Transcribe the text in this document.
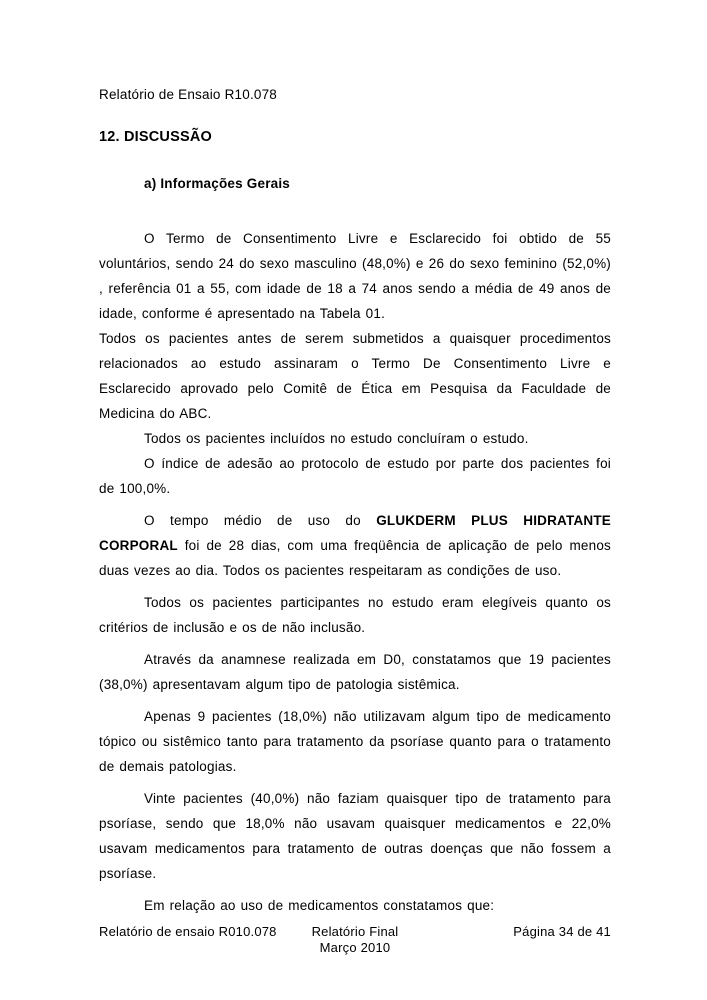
Relatório de Ensaio R10.078
12. DISCUSSÃO
a) Informações Gerais

O Termo de Consentimento Livre e Esclarecido foi obtido de 55 voluntários, sendo 24 do sexo masculino (48,0%) e 26 do sexo feminino (52,0%) , referência 01 a 55, com idade de 18 a 74 anos sendo a média de 49 anos de idade, conforme é apresentado na Tabela 01.

Todos os pacientes antes de serem submetidos a quaisquer procedimentos relacionados ao estudo assinaram o Termo De Consentimento Livre e Esclarecido aprovado pelo Comitê de Ética em Pesquisa da Faculdade de Medicina do ABC.

Todos os pacientes incluídos no estudo concluíram o estudo.

O índice de adesão ao protocolo de estudo por parte dos pacientes foi de 100,0%.

O tempo médio de uso do GLUKDERM PLUS HIDRATANTE CORPORAL foi de 28 dias, com uma freqüência de aplicação de pelo menos duas vezes ao dia. Todos os pacientes respeitaram as condições de uso.

Todos os pacientes participantes no estudo eram elegíveis quanto os critérios de inclusão e os de não inclusão.

Através da anamnese realizada em D0, constatamos que 19 pacientes (38,0%) apresentavam algum tipo de patologia sistêmica.

Apenas 9 pacientes (18,0%) não utilizavam algum tipo de medicamento tópico ou sistêmico tanto para tratamento da psoríase quanto para o tratamento de demais patologias.

Vinte pacientes (40,0%) não faziam quaisquer tipo de tratamento para psoríase, sendo que 18,0% não usavam quaisquer medicamentos e 22,0% usavam medicamentos para tratamento de outras doenças que não fossem a psoríase.

Em relação ao uso de medicamentos constatamos que:

Relatório de ensaio R010.078	Relatório Final
Março 2010
Página 34 de 41
